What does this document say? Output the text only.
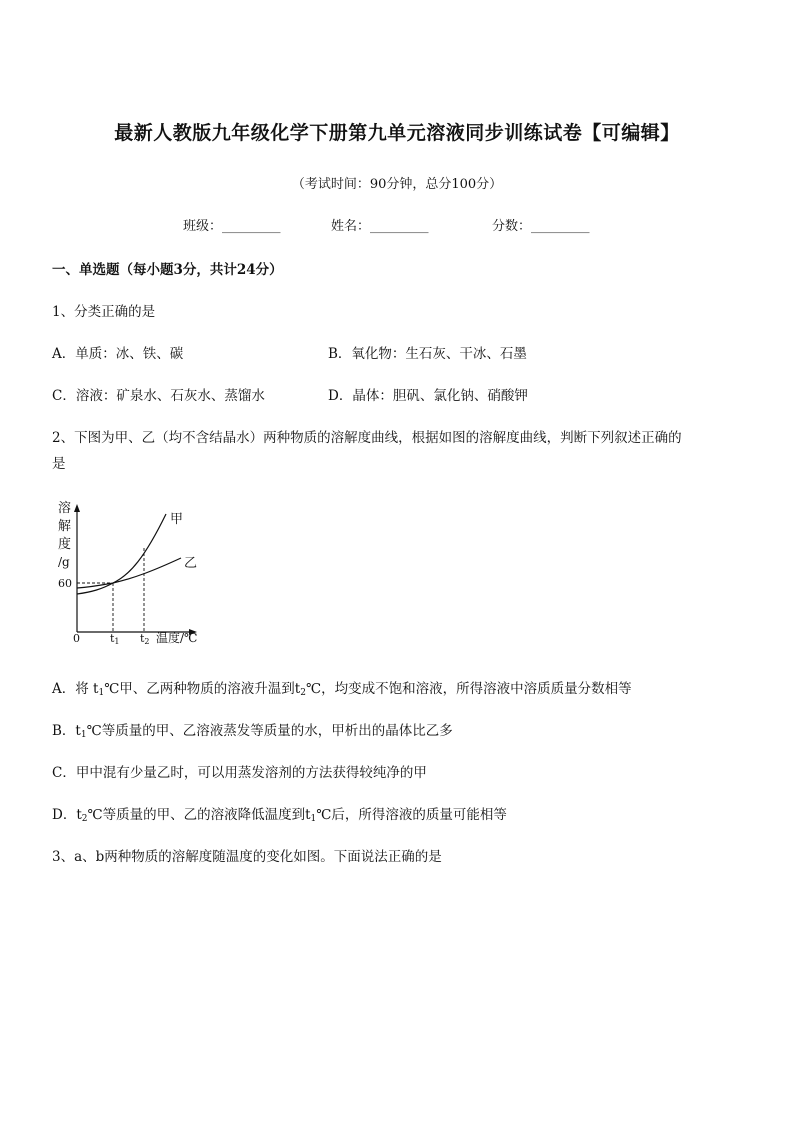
最新人教版九年级化学下册第九单元溶液同步训练试卷【可编辑】
（考试时间：90分钟，总分100分）
班级：_________	姓名：_________	分数：_________
一、单选题（每小题3分，共计24分）
1、分类正确的是
A．单质：冰、铁、碳	B．氧化物：生石灰、干冰、石墨
C．溶液：矿泉水、石灰水、蒸馏水	D．晶体：胆矾、氯化钠、硝酸钾
2、下图为甲、乙（均不含结晶水）两种物质的溶解度曲线，根据如图的溶解度曲线，判断下列叙述正确的
是
溶
解
度
/g
60
0	t1 t2 温度/℃
甲
乙
A．将 $t_1℃$甲、乙两种物质的溶液升温到$t_2℃$，均变成不饱和溶液，所得溶液中溶质质量分数相等
B．$t_1℃$等质量的甲、乙溶液蒸发等质量的水，甲析出的晶体比乙多
C．甲中混有少量乙时，可以用蒸发溶剂的方法获得较纯净的甲
D．$t_2℃$等质量的甲、乙的溶液降低温度到$t_1℃$后，所得溶液的质量可能相等
3、a、b两种物质的溶解度随温度的变化如图。下面说法正确的是
